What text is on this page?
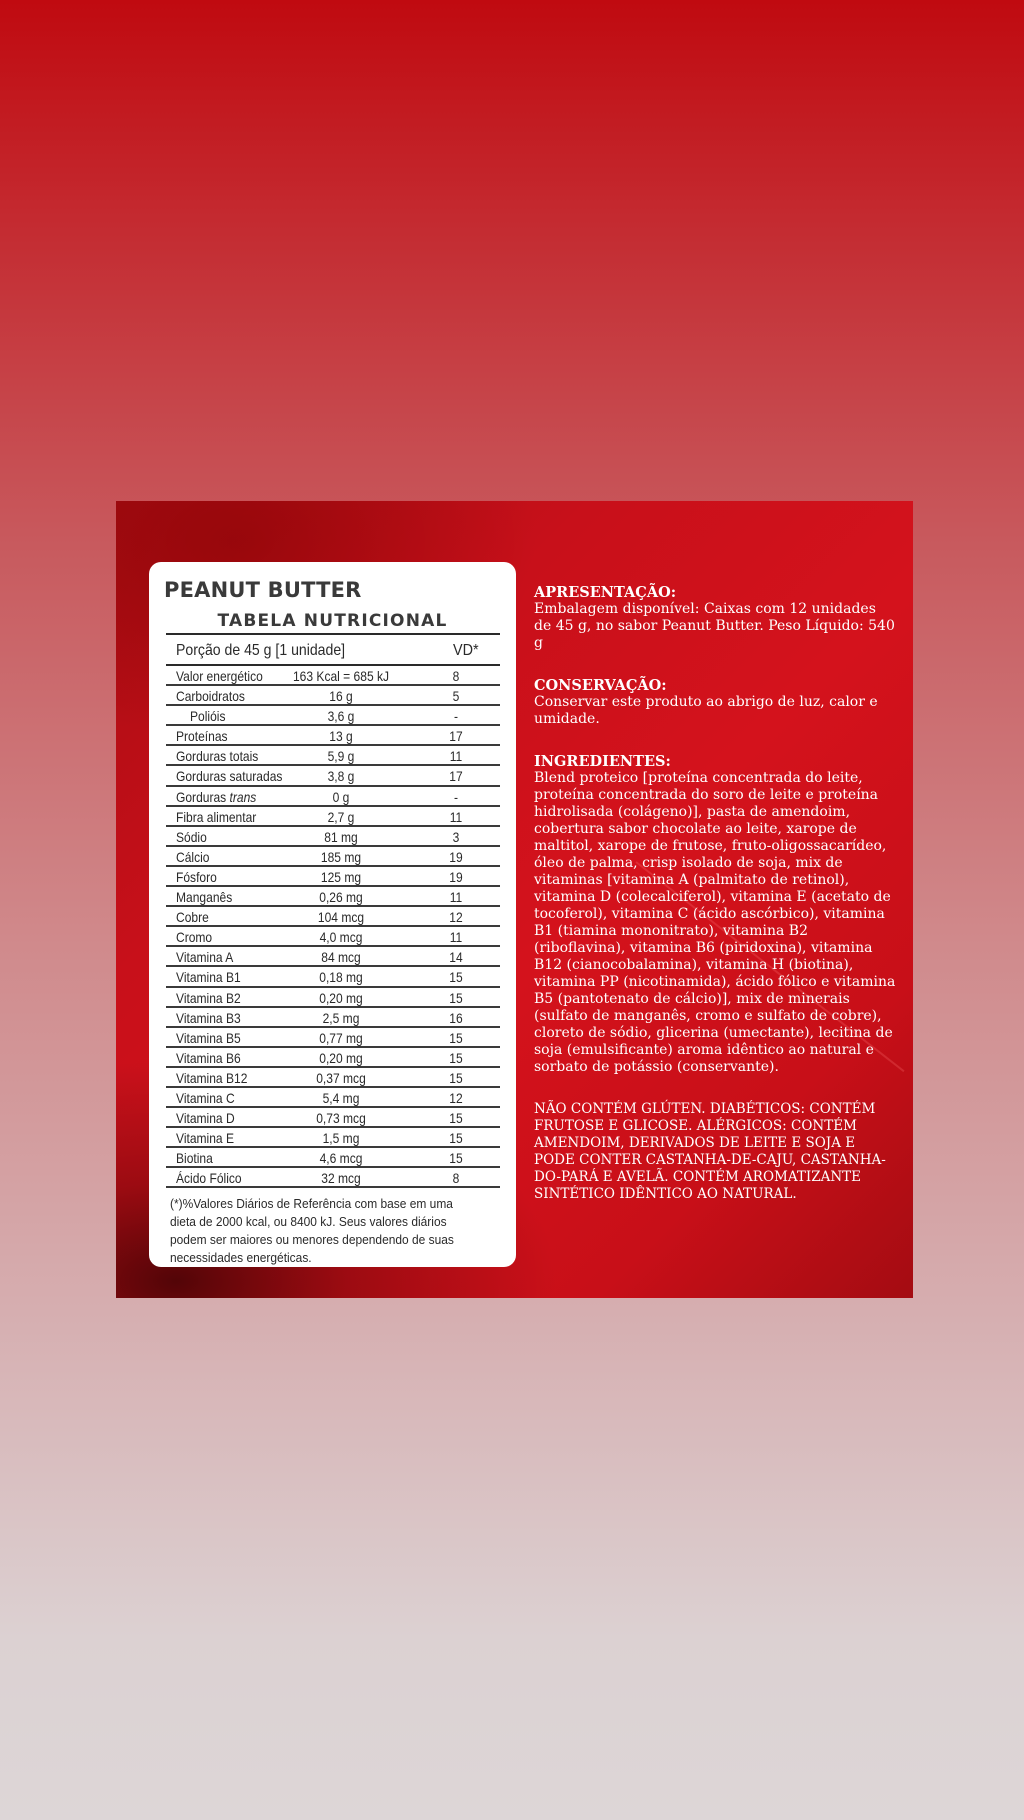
PEANUT BUTTER
TABELA NUTRICIONAL
Porção de 45 g [1 unidade]	VD*
Valor energético	163 Kcal = 685 kJ	8
Carboidratos	16 g	5
Polióis	3,6 g	-
Proteínas	13 g	17
Gorduras totais	5,9 g	11
Gorduras saturadas	3,8 g	17
Gorduras trans	0 g	-
Fibra alimentar	2,7 g	11
Sódio	81 mg	3
Cálcio	185 mg	19
Fósforo	125 mg	19
Manganês	0,26 mg	11
Cobre	104 mcg	12
Cromo	4,0 mcg	11
Vitamina A	84 mcg	14
Vitamina B1	0,18 mg	15
Vitamina B2	0,20 mg	15
Vitamina B3	2,5 mg	16
Vitamina B5	0,77 mg	15
Vitamina B6	0,20 mg	15
Vitamina B12	0,37 mcg	15
Vitamina C	5,4 mg	12
Vitamina D	0,73 mcg	15
Vitamina E	1,5 mg	15
Biotina	4,6 mcg	15
Ácido Fólico	32 mcg	8
(*)%Valores Diários de Referência com base em uma dieta de 2000 kcal, ou 8400 kJ. Seus valores diários podem ser maiores ou menores dependendo de suas necessidades energéticas.
APRESENTAÇÃO:
Embalagem disponível: Caixas com 12 unidades de 45 g, no sabor Peanut Butter. Peso Líquido: 540 g
CONSERVAÇÃO:
Conservar este produto ao abrigo de luz, calor e umidade.
INGREDIENTES:
Blend proteico [proteína concentrada do leite, proteína concentrada do soro de leite e proteína hidrolisada (colágeno)], pasta de amendoim, cobertura sabor chocolate ao leite, xarope de maltitol, xarope de frutose, fruto-oligossacarídeo, óleo de palma, crisp isolado de soja, mix de vitaminas [vitamina A (palmitato de retinol), vitamina D (colecalciferol), vitamina E (acetato de tocoferol), vitamina C (ácido ascórbico), vitamina B1 (tiamina mononitrato), vitamina B2 (riboflavina), vitamina B6 (piridoxina), vitamina B12 (cianocobalamina), vitamina H (biotina), vitamina PP (nicotinamida), ácido fólico e vitamina B5 (pantotenato de cálcio)], mix de minerais (sulfato de manganês, cromo e sulfato de cobre), cloreto de sódio, glicerina (umectante), lecitina de soja (emulsificante) aroma idêntico ao natural e sorbato de potássio (conservante).
NÃO CONTÉM GLÚTEN. DIABÉTICOS: CONTÉM FRUTOSE E GLICOSE. ALÉRGICOS: CONTÉM AMENDOIM, DERIVADOS DE LEITE E SOJA E PODE CONTER CASTANHA-DE-CAJU, CASTANHA-DO-PARÁ E AVELÃ. CONTÉM AROMATIZANTE SINTÉTICO IDÊNTICO AO NATURAL.
